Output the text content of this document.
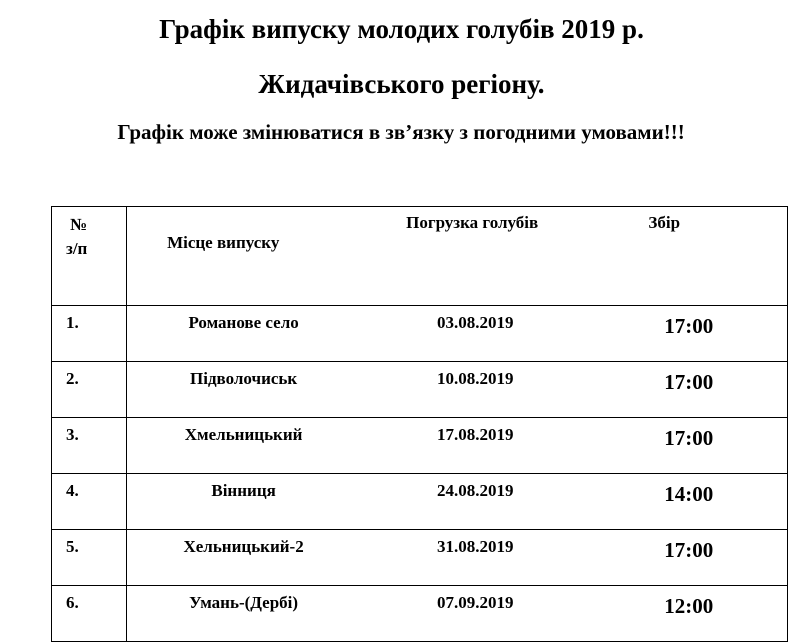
Графік випуску молодих голубів 2019 р.
Жидачівського регіону.
Графік може змінюватися в зв’язку з погодними умовами!!!
№
з/п	Місце випуску	Погрузка голубів	Збір
1.	Романове село	03.08.2019	17:00
2.	Підволочиськ	10.08.2019	17:00
3.	Хмельницький	17.08.2019	17:00
4.	Вінниця	24.08.2019	14:00
5.	Хельницький-2	31.08.2019	17:00
6.	Умань-(Дербі)	07.09.2019	12:00
